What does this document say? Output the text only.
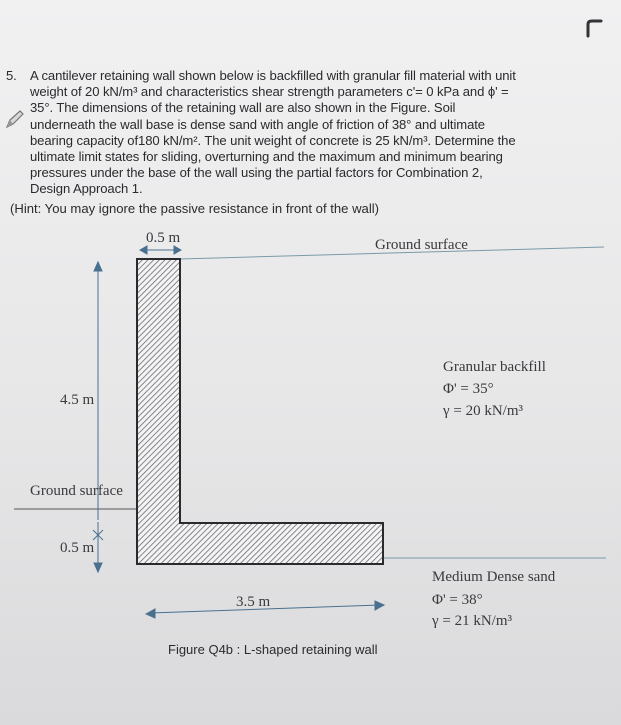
5. A cantilever retaining wall shown below is backfilled with granular fill material with unit
weight of 20 kN/m³ and characteristics shear strength parameters c'= 0 kPa and ϕ' =
35°. The dimensions of the retaining wall are also shown in the Figure. Soil
underneath the wall base is dense sand with angle of friction of 38° and ultimate
bearing capacity of180 kN/m². The unit weight of concrete is 25 kN/m³. Determine the
ultimate limit states for sliding, overturning and the maximum and minimum bearing
pressures under the base of the wall using the partial factors for Combination 2,
Design Approach 1.
(Hint: You may ignore the passive resistance in front of the wall)
0.5 m	Ground surface
4.5 m
Ground surface
0.5 m
3.5 m
Granular backfill
Φ' = 35°
γ = 20 kN/m³
Medium Dense sand
Φ' = 38°
γ = 21 kN/m³
Figure Q4b : L-shaped retaining wall
